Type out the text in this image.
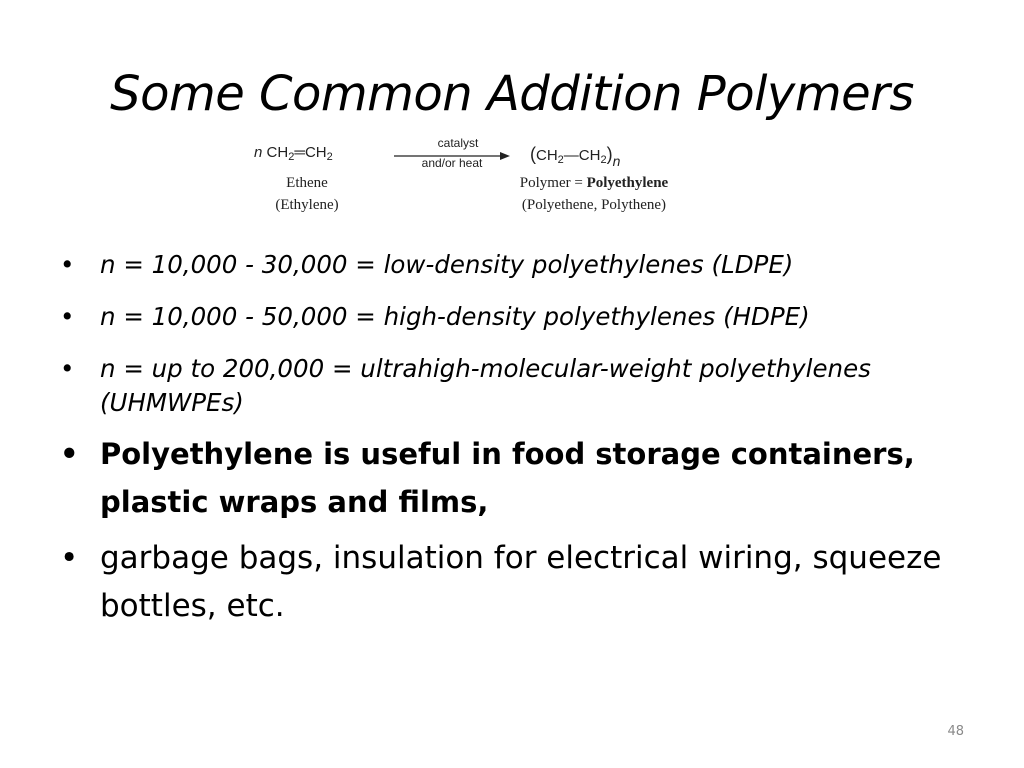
Some Common Addition Polymers
n $CH_2═CH_2$
catalyst
and/or heat	$(CH_2—CH_2)_n$
Ethene
(Ethylene)
Polymer = Polyethylene
(Polyethene, Polythene)
• n = 10,000 - 30,000 = low-density polyethylenes (LDPE)
• n = 10,000 - 50,000 = high-density polyethylenes (HDPE)
• n = up to 200,000 = ultrahigh-molecular-weight polyethylenes (UHMWPEs)
• Polyethylene is useful in food storage containers, plastic wraps and films,
• garbage bags, insulation for electrical wiring, squeeze bottles, etc.
48
